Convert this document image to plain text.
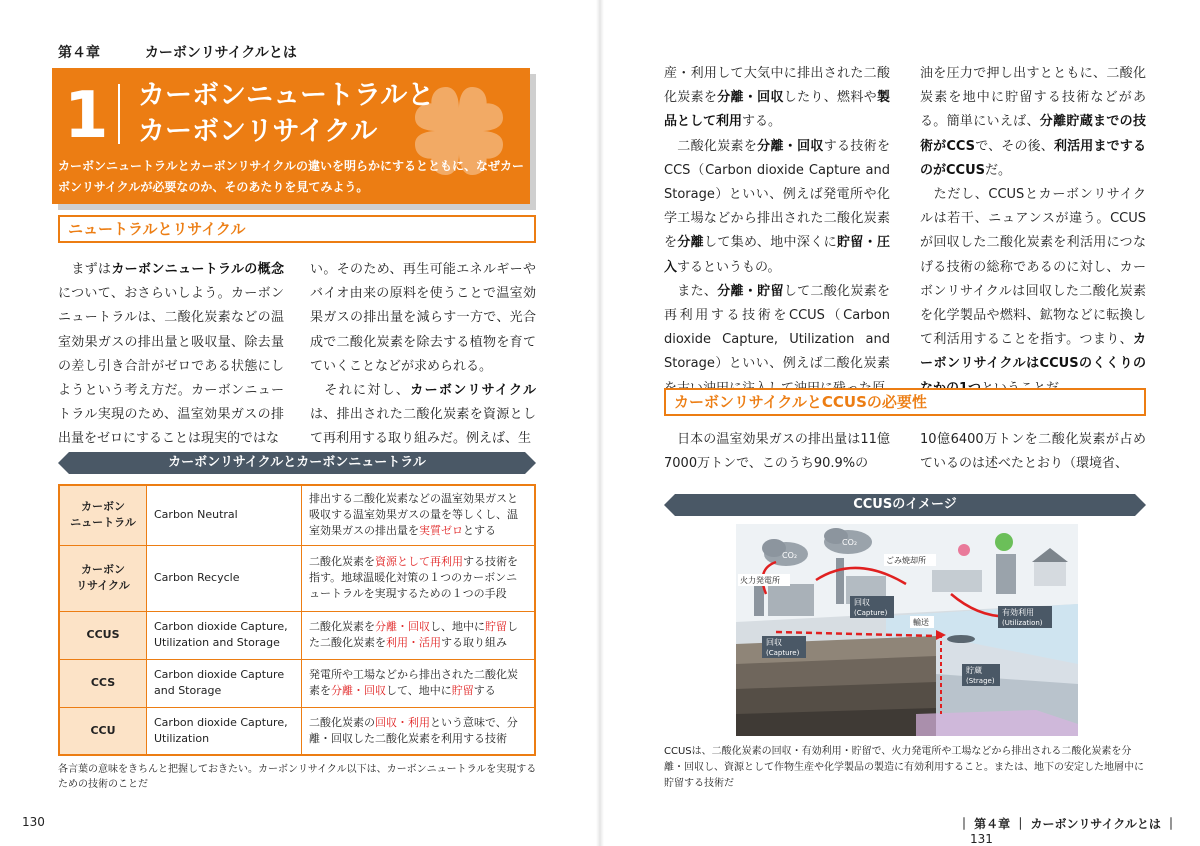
第４章	カーボンリサイクルとは
1 カーボンニュートラルと
カーボンリサイクル
カーボンニュートラルとカーボンリサイクルの違いを明らかにするとともに、なぜカーボンリサイクルが必要なのか、そのあたりを見てみよう。
ニュートラルとリサイクル

　まずはカーボンニュートラルの概念について、おさらいしよう。カーボンニュートラルは、二酸化炭素などの温室効果ガスの排出量と吸収量、除去量の差し引き合計がゼロである状態にしようという考え方だ。カーボンニュートラル実現のため、温室効果ガスの排出量をゼロにすることは現実的ではな

い。そのため、再生可能エネルギーやバイオ由来の原料を使うことで温室効果ガスの排出量を減らす一方で、光合成で二酸化炭素を除去する植物を育てていくことなどが求められる。

　それに対し、カーボンリサイクルは、排出された二酸化炭素を資源として再利用する取り組みだ。例えば、生

カーボンリサイクルとカーボンニュートラル
カーボン
ニュートラル	Carbon Neutral	排出する二酸化炭素などの温室効果ガスと吸収する温室効果ガスの量を等しくし、温室効果ガスの排出量を実質ゼロとする
カーボン
リサイクル	Carbon Recycle	二酸化炭素を資源として再利用する技術を指す。地球温暖化対策の１つのカーボンニュートラルを実現するための１つの手段
CCUS	Carbon dioxide Capture, Utilization and Storage	二酸化炭素を分離・回収し、地中に貯留した二酸化炭素を利用・活用する取り組み
CCS	Carbon dioxide Capture and Storage	発電所や工場などから排出された二酸化炭素を分離・回収して、地中に貯留する
CCU	Carbon dioxide Capture, Utilization	二酸化炭素の回収・利用という意味で、分離・回収した二酸化炭素を利用する技術
各言葉の意味をきちんと把握しておきたい。カーボンリサイクル以下は、カーボンニュートラルを実現するための技術のことだ
130

産・利用して大気中に排出された二酸化炭素を分離・回収したり、燃料や製品として利用する。

　二酸化炭素を分離・回収する技術をCCS（Carbon dioxide Capture and Storage）といい、例えば発電所や化学工場などから排出された二酸化炭素を分離して集め、地中深くに貯留・圧入するというもの。

　また、分離・貯留して二酸化炭素を再利用する技術をCCUS（Carbon dioxide Capture, Utilization and Storage）といい、例えば二酸化炭素

油を圧力で押し出すとともに、二酸化炭素を地中に貯留する技術などがある。簡単にいえば、分離貯蔵までの技術がCCSで、その後、利活用までするのがCCUSだ。

　ただし、CCUSとカーボンリサイクルは若干、ニュアンスが違う。CCUSが回収した二酸化炭素を利活用につなげる技術の総称であるのに対し、カーボンリサイクルは回収した二酸化炭素を化学製品や燃料、鉱物などに転換して利活用することを指す。つまり、カーボンリサイクルはCCUSのくくりの

カーボンリサイクルとCCUSの必要性
　日本の温室効果ガスの排出量は11億7000万トンで、このうち90.9%の
10億6400万トンを二酸化炭素が占めているのは述べたとおり（環境省、
CCUSのイメージ
CO₂
CO₂
火力発電所
ごみ焼却所
回収
(Capture)
輸送
有効利用
(Utilization)
回収
(Capture)
貯蔵
(Strage)
CCUSは、二酸化炭素の回収・有効利用・貯留で、火力発電所や工場などから排出される二酸化炭素を分離・回収し、資源として作物生産や化学製品の製造に有効利用すること。または、地下の安定した地層中に貯留する技術だ
｜ 第４章 ｜ カーボンリサイクルとは ｜ 131
